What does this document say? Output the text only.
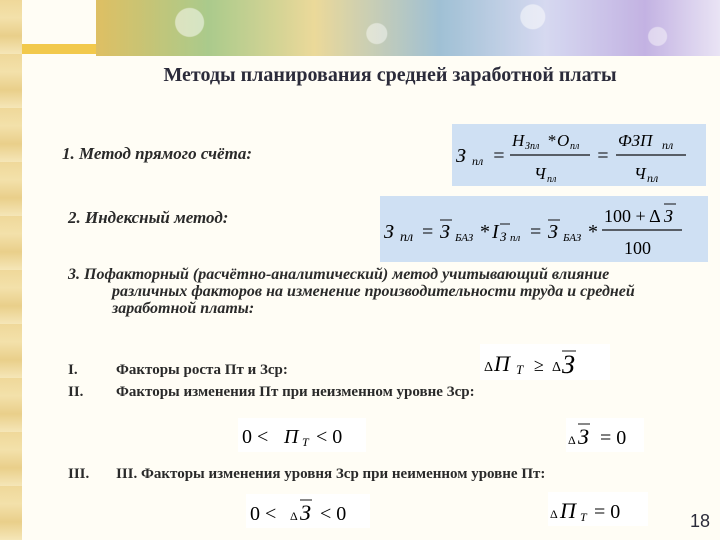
Методы планирования средней заработной платы
1. Метод прямого счёта:	З пл =
Н Зпл * О пл
Ч пл
=
ФЗП пл
Ч пл
2. Индексный метод:
З пл = З БАЗ * I З пл = З БАЗ *
100 + Δ З
100
3. Пофакторный (расчётно-аналитический) метод учитывающий влияние различных факторов на изменение производительности труда и средней заработной платы:
I.	Факторы роста Пт и Зср:	Δ П Т ≥ Δ З
II. Факторы изменения Пт при неизменном уровне Зср:
0 < П Т < 0	Δ З = 0
III. III. Факторы изменения уровня Зср при неименном уровне Пт:
0 < Δ З < 0	Δ П Т = 0	18
